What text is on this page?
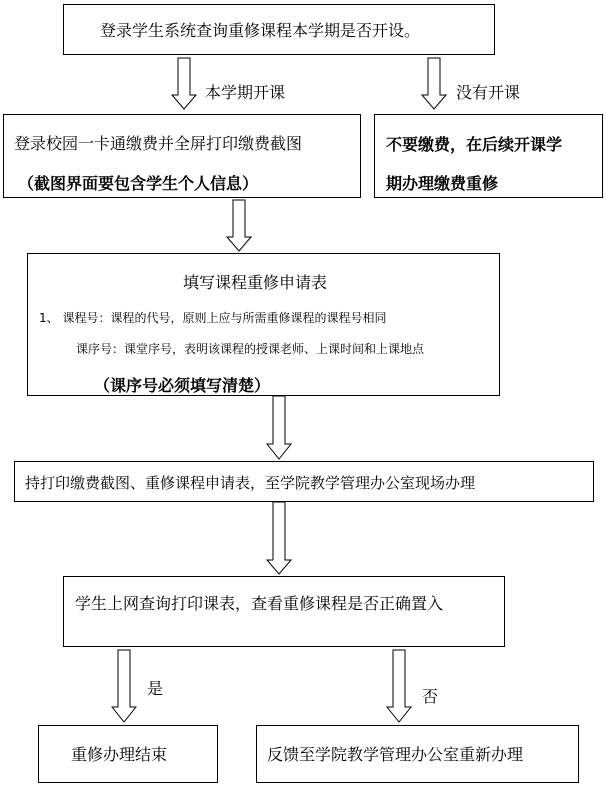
登录学生系统查询重修课程本学期是否开设。
本学期开课	没有开课
登录校园一卡通缴费并全屏打印缴费截图
（截图界面要包含学生个人信息）
不要缴费，在后续开课学
期办理缴费重修
填写课程重修申请表
1、 课程号：课程的代号，原则上应与所需重修课程的课程号相同
课序号：课堂序号，表明该课程的授课老师、上课时间和上课地点
（课序号必须填写清楚）
持打印缴费截图、重修课程申请表，至学院教学管理办公室现场办理
学生上网查询打印课表，查看重修课程是否正确置入
是	否
重修办理结束	反馈至学院教学管理办公室重新办理
